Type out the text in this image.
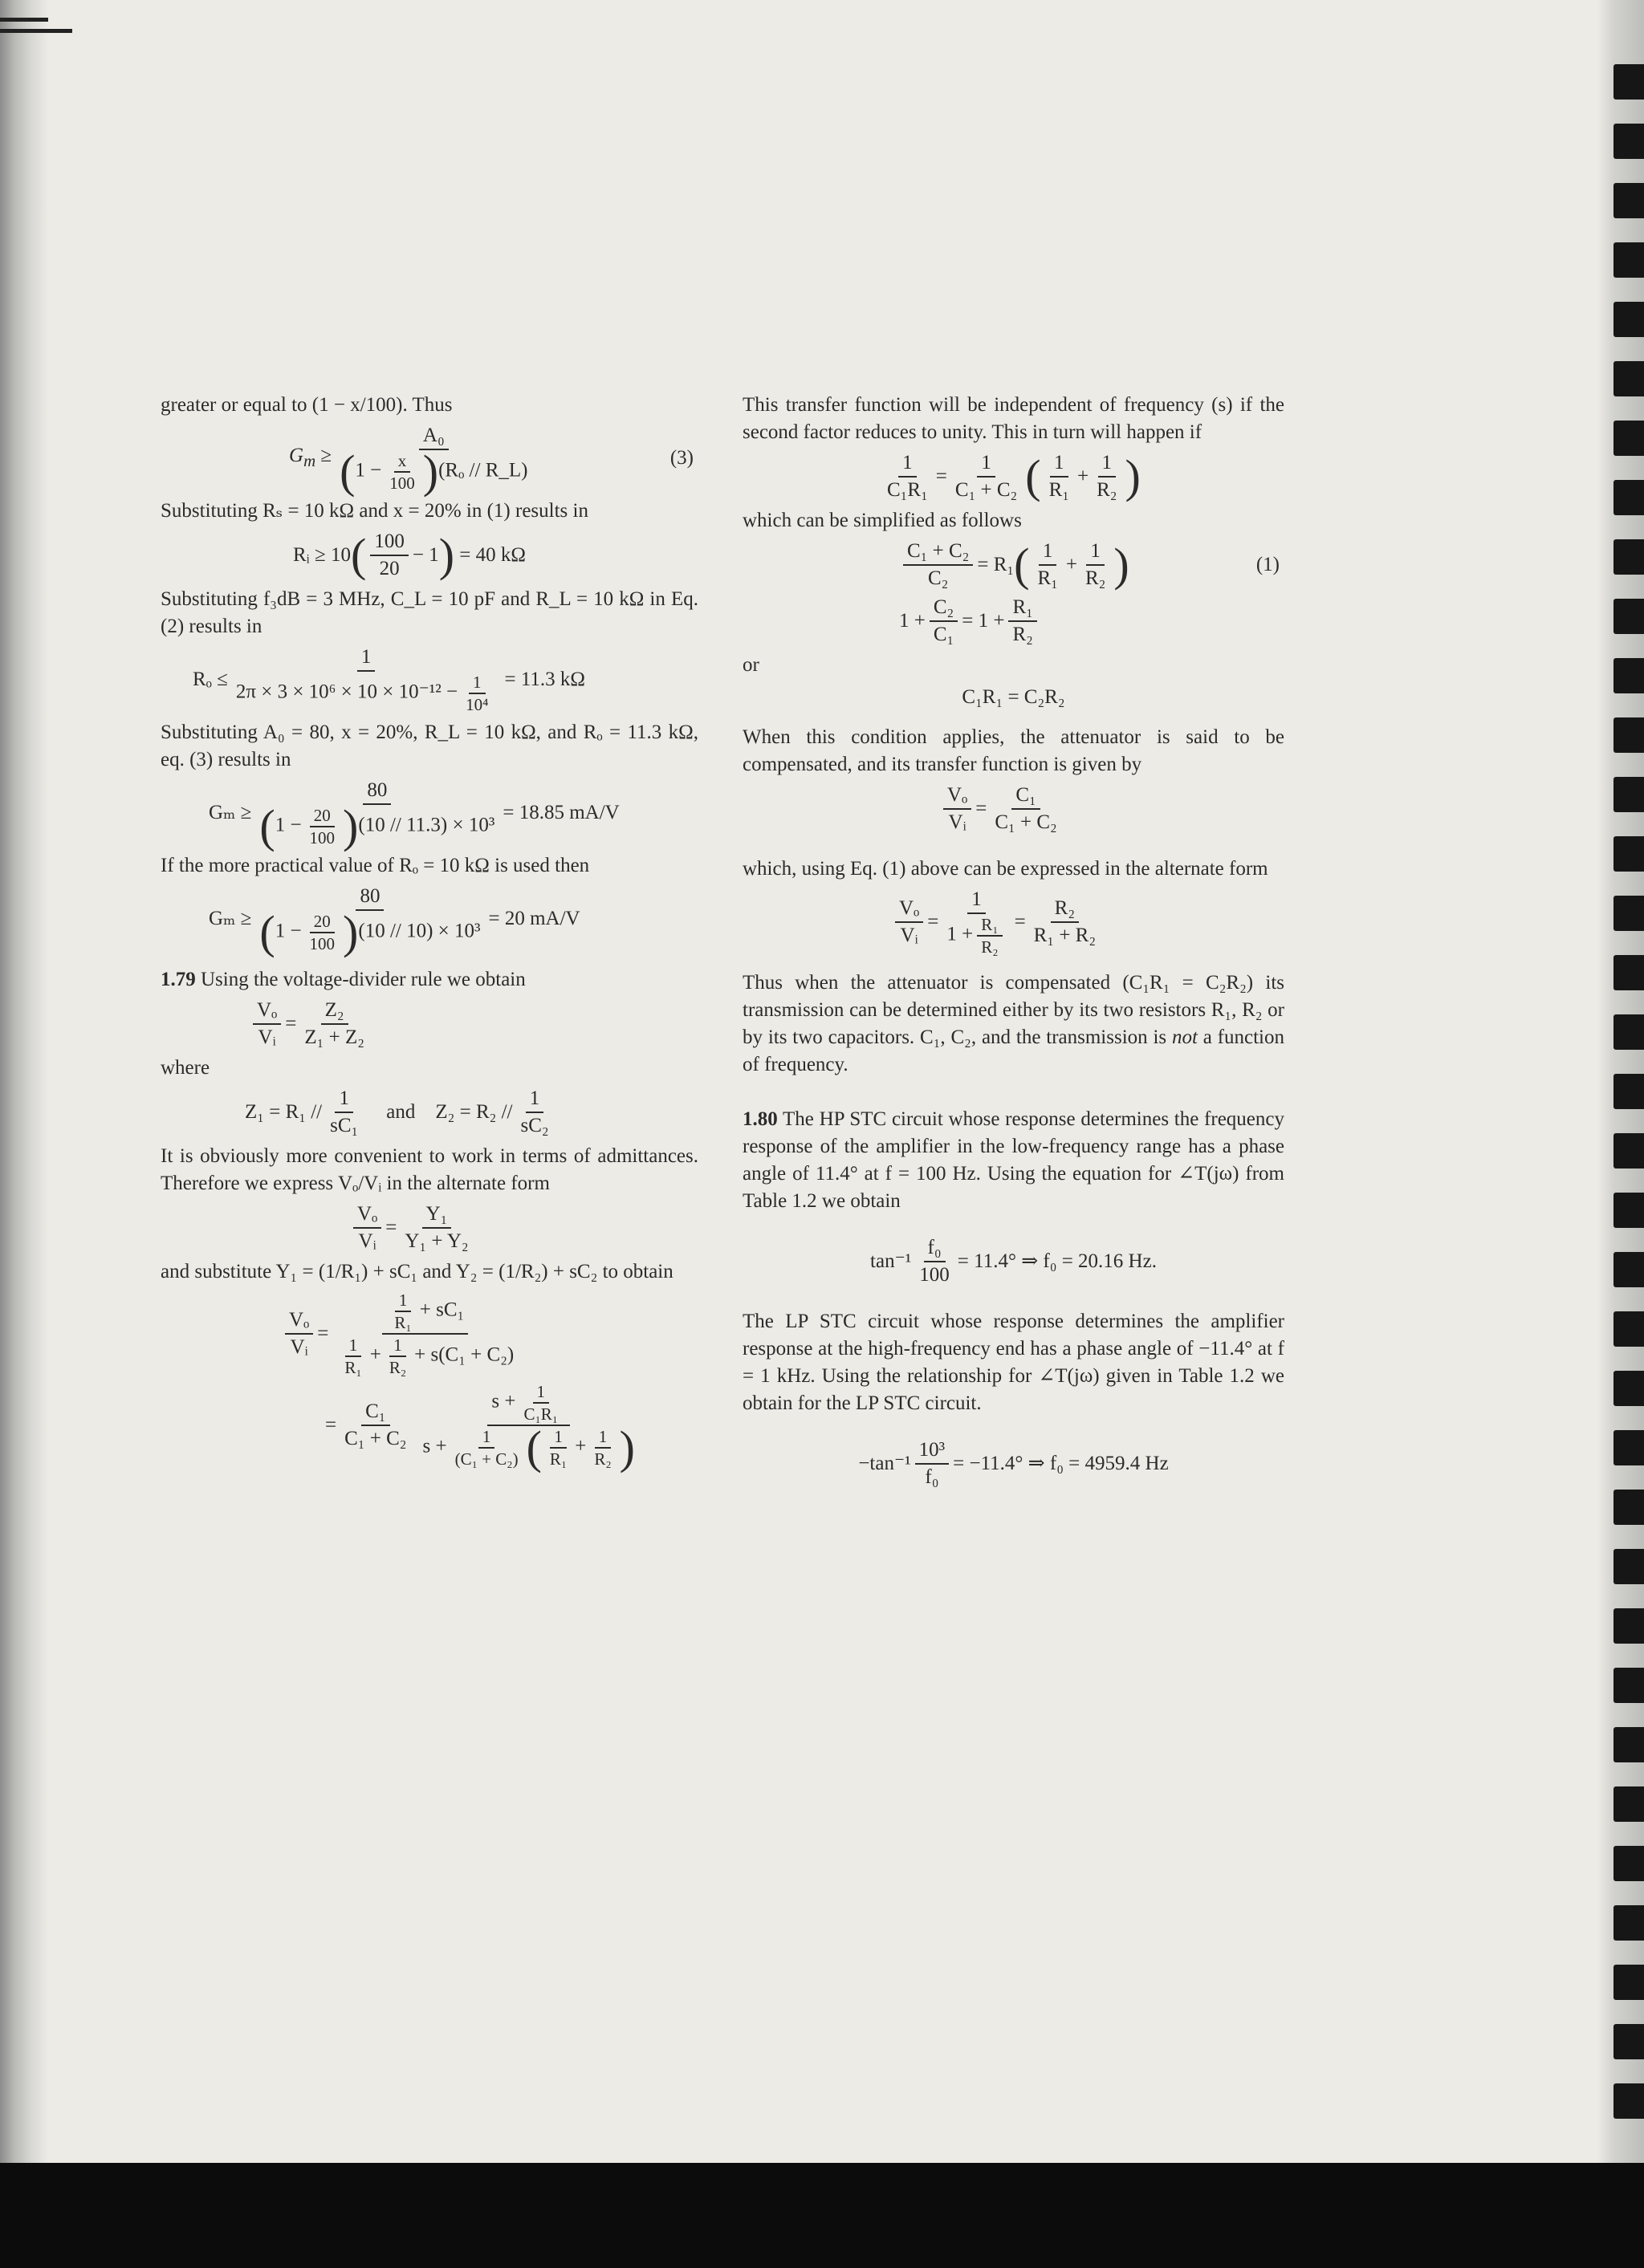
greater or equal to (1 − x/100). Thus

$G_m \ge \frac{\text{A₀}}{(1 - \frac{x}{100} )(R_o // R\_L)}$	(3)

Substituting Rₛ = 10 kΩ and x = 20% in (1) results in

Rᵢ ≥ 10 ( $\frac{100}{20} - 1$ )
= 40 kΩ

Substituting f₃dB = 3 MHz, C_L = 10 pF and R_L = 10 kΩ in Eq. (2) results in

$R_o \le \frac{1}{2\pi \times 3 \times 10^6 \times 10 \times 10^{-12} - \frac{1}{\text{10⁴}}} = 11.3$ kΩ

Substituting A₀ = 80, x = 20%, R_L = 10 kΩ, and Rₒ = 11.3 kΩ, eq. (3) results in

$G_m \ge \frac{80}{(1 - \frac{20}{100} )(10 // 11.3) \times 10^3} = 18.85$ mA/V

If the more practical value of Rₒ = 10 kΩ is used then

$G_m \ge \frac{80}{(1 - \frac{20}{100} )(10 // 10) \times 10^3} = 20$ mA/V

1.79 Using the voltage-divider rule we obtain

$\frac{\text{Vₒ}}{\text{Vᵢ}} = \frac{\text{Z₂}}{\text{Z₁ + Z₂}}$

where

$Z_1 = R_1 // \frac{1}{\text{sC₁}}$
and
$Z_2 = R_2 // \frac{1}{\text{sC₂}}$

It is obviously more convenient to work in terms of admittances. Therefore we express Vₒ/Vᵢ in the alternate form

$\frac{\text{Vₒ}}{\text{Vᵢ}} = \frac{\text{Y₁}}{\text{Y₁ + Y₂}}$

and substitute Y₁ = (1/R₁) + sC₁ and Y₂ = (1/R₂) + sC₂ to obtain

$\frac{\text{Vₒ}}{\text{Vᵢ}} = \frac{\frac{1}{\text{R₁}} + sC_1}{\frac{1}{\text{R₁}} + \frac{1}{\text{R₂}} + s(C_1 + C_2)}$
= $\frac{\text{C₁}}{\text{C₁ + C₂}} \frac{s + \frac{1}{\text{C₁R₁}}}{s + \frac{1}{\text{(C₁ + C₂)}} ( \frac{1}{\text{R₁}} + \frac{1}{\text{R₂}} )}$

This transfer function will be independent of frequency (s) if the second factor reduces to unity. This in turn will happen if

$\frac{1}{\text{C₁R₁}} = \frac{1}{\text{C₁ + C₂}}$ ( $\frac{1}{\text{R₁}} + \frac{1}{\text{R₂}}$ )

which can be simplified as follows

$\frac{\text{C₁ + C₂}}{\text{C₂}} = R_1$ ( $\frac{1}{\text{R₁}} + \frac{1}{\text{R₂}}$ )	(1)
$1 + \frac{\text{C₂}}{\text{C₁}} = 1 + \frac{\text{R₁}}{\text{R₂}}$

or

C₁R₁ = C₂R₂

When this condition applies, the attenuator is said to be compensated, and its transfer function is given by

$\frac{\text{Vₒ}}{\text{Vᵢ}} = \frac{\text{C₁}}{\text{C₁ + C₂}}$

which, using Eq. (1) above can be expressed in the alternate form

$\frac{\text{Vₒ}}{\text{Vᵢ}} = \frac{1}{1 + \frac{\text{R₁}}{\text{R₂}}} = \frac{\text{R₂}}{\text{R₁ + R₂}}$

Thus when the attenuator is compensated (C₁R₁ = C₂R₂) its transmission can be determined either by its two resistors R₁, R₂ or by its two capacitors. C₁, C₂, and the transmission is not a function of frequency.

1.80 The HP STC circuit whose response determines the frequency response of the amplifier in the low-frequency range has a phase angle of 11.4° at f = 100 Hz. Using the equation for ∠T(jω) from Table 1.2 we obtain

$\tan^{-1} \frac{\text{f₀}}{100} = 11.4^\circ$ ⇒ f₀ = 20.16 Hz.

The LP STC circuit whose response determines the amplifier response at the high-frequency end has a phase angle of −11.4° at f = 1 kHz. Using the relationship for ∠T(jω) given in Table 1.2 we obtain for the LP STC circuit.

$-\tan^{-1} \frac{\text{10³}}{\text{f₀}} = -11.4^\circ$ ⇒ f₀ = 4959.4 Hz
